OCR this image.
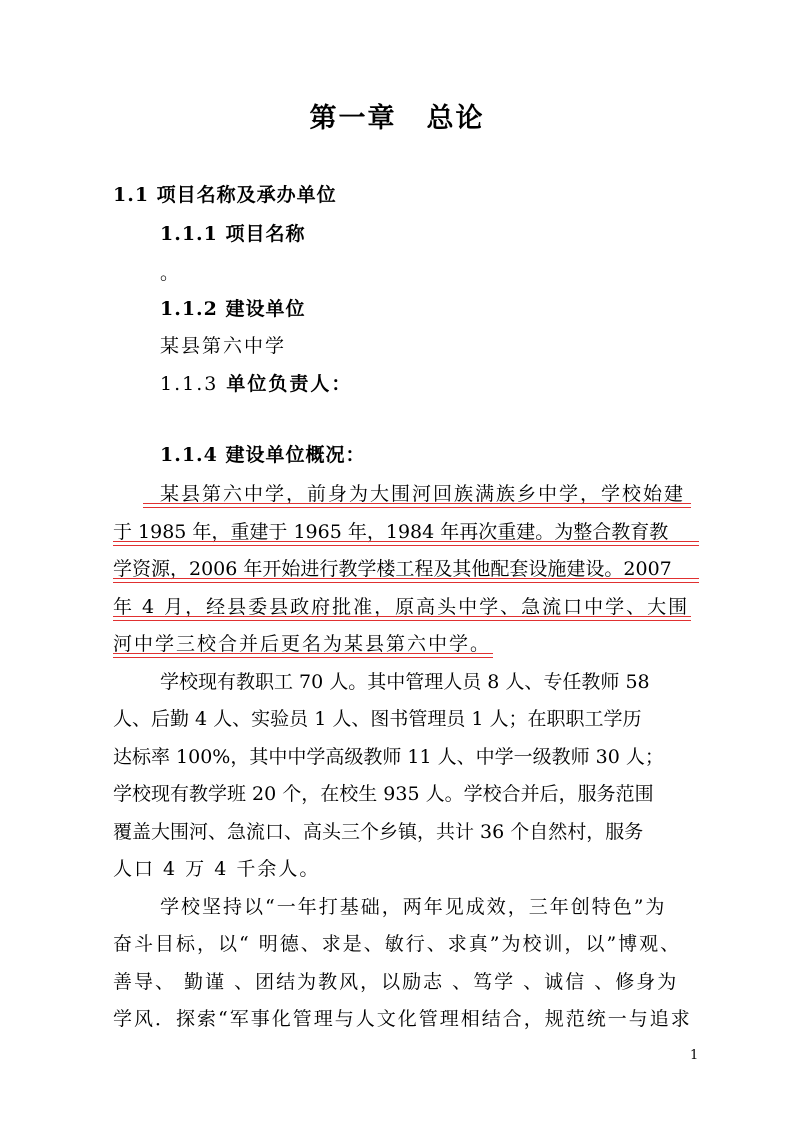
第一章 总论
1.1 项目名称及承办单位
1.1.1 项目名称
。
1.1.2 建设单位
某县第六中学
1.1.3 单位负责人：
1.1.4 建设单位概况：
某县第六中学，前身为大围河回族满族乡中学，学校始建
于 1985 年，重建于 1965 年，1984 年再次重建。为整合教育教
学资源，2006 年开始进行教学楼工程及其他配套设施建设。2007
年 4 月，经县委县政府批准，原高头中学、急流口中学、大围
河中学三校合并后更名为某县第六中学。
学校现有教职工 70 人。其中管理人员 8 人、专任教师 58
人、后勤 4 人、实验员 1 人、图书管理员 1 人；在职职工学历
达标率 100%，其中中学高级教师 11 人、中学一级教师 30 人；
学校现有教学班 20 个，在校生 935 人。学校合并后，服务范围
覆盖大围河、急流口、高头三个乡镇，共计 36 个自然村，服务
人口 4 万 4 千余人。
学校坚持以“一年打基础，两年见成效，三年创特色”为
奋斗目标，以“ 明德、求是、敏行、求真”为校训，以”博观、
善导、 勤谨 、团结为教风，以励志 、笃学 、诚信 、修身为
学风．探索“军事化管理与人文化管理相结合，规范统一与追求
1
